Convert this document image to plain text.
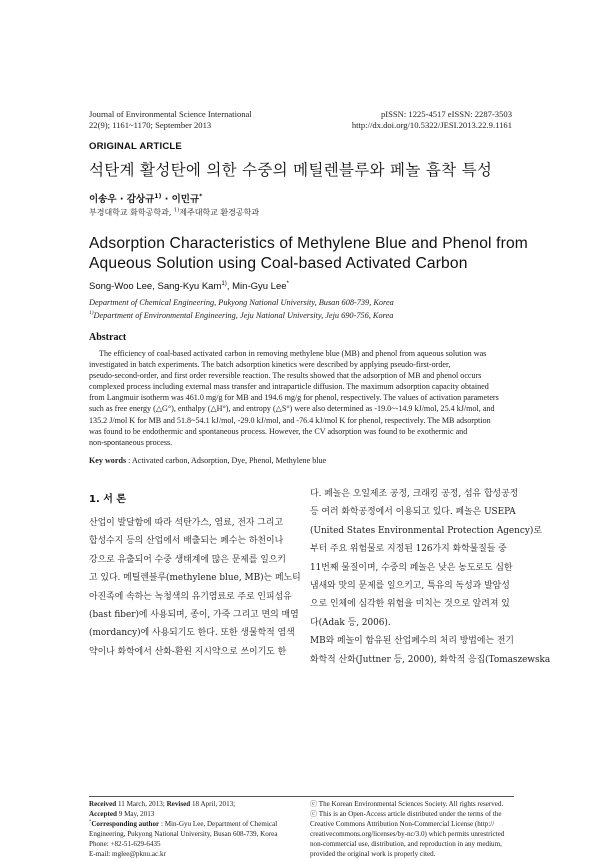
Journal of Environmental Science International
22(9); 1161~1170; September 2013
pISSN: 1225-4517 eISSN: 2287-3503
http://dx.doi.org/10.5322/JESI.2013.22.9.1161
ORIGINAL ARTICLE
석탄계 활성탄에 의한 수중의 메틸렌블루와 페놀 흡착 특성
이송우 · 감상규$^{1)}$ · 이민규*
부경대학교 화학공학과, $^{1)}$제주대학교 환경공학과
Adsorption Characteristics of Methylene Blue and Phenol from
Aqueous Solution using Coal-based Activated Carbon
Song-Woo Lee, Sang-Kyu Kam$^{1)}$, Min-Gyu Lee*
Department of Chemical Engineering, Pukyong National University, Busan 608-739, Korea
$^{1)}$Department of Environmental Engineering, Jeju National University, Jeju 690-756, Korea
Abstract
The efficiency of coal-based activated carbon in removing methylene blue (MB) and phenol from aqueous solution was
investigated in batch experiments. The batch adsorption kinetics were described by applying pseudo-first-order,
pseudo-second-order, and first order reversible reaction. The results showed that the adsorption of MB and phenol occurs
complexed process including external mass transfer and intraparticle diffusion. The maximum adsorption capacity obtained
from Langmuir isotherm was 461.0 mg/g for MB and 194.6 mg/g for phenol, respectively. The values of activation parameters
such as free energy (△G°), enthalpy (△H°), and entropy (△S°) were also determined as -19.0~-14.9 kJ/mol, 25.4 kJ/mol, and
135.2 J/mol K for MB and 51.8~54.1 kJ/mol, -29.0 kJ/mol, and -76.4 kJ/mol K for phenol, respectively. The MB adsorption
was found to be endothermic and spontaneous process. However, the CV adsorption was found to be exothermic and
non-spontaneous process.
Key words : Activated carbon, Adsorption, Dye, Phenol, Methylene blue
1. 서 론
산업이 발달함에 따라 석탄가스, 염료, 전자 그리고
합성수지 등의 산업에서 배출되는 폐수는 하천이나
강으로 유출되어 수중 생태계에 많은 문제를 일으키
고 있다. 메틸렌블루(methylene blue, MB)는 페노티
아진족에 속하는 녹청색의 유기염료로 주로 인피섬유
(bast fiber)에 사용되며, 종이, 가죽 그리고 면의 매염
(mordancy)에 사용되기도 한다. 또한 생물학적 염색
약이나 화학에서 산화-환원 지시약으로 쓰이기도 한
다. 페놀은 오일제조 공정, 크래킹 공정, 섬유 합성공정
등 여러 화학공정에서 이용되고 있다. 페놀은 USEPA
(United States Environmental Protection Agency)로
부터 주요 위험물로 지정된 126가지 화학물질들 중
11번째 물질이며, 수중의 페놀은 낮은 농도로도 심한
냄새와 맛의 문제를 일으키고, 특유의 독성과 발암성
으로 인체에 심각한 위험을 미치는 것으로 알려져 있
다(Adak 등, 2006).
MB와 페놀이 함유된 산업폐수의 처리 방법에는 전기
화학적 산화(Juttner 등, 2000), 화학적 응집(Tomaszewska
Received 11 March, 2013; Revised 18 April, 2013;
Accepted 9 May, 2013
*Corresponding author : Min-Gyu Lee, Department of Chemical
Engineering, Pukyong National University, Busan 608-739, Korea
Phone: +82-51-629-6435
E-mail: mglee@pknu.ac.kr
ⓒ The Korean Environmental Sciences Society. All rights reserved.
ⓒ This is an Open-Access article distributed under the terms of the
Creative Commons Attribution Non-Commercial License (http://
creativecommons.org/licenses/by-nc/3.0) which permits unrestricted
non-commercial use, distribution, and reproduction in any medium,
provided the original work is properly cited.
